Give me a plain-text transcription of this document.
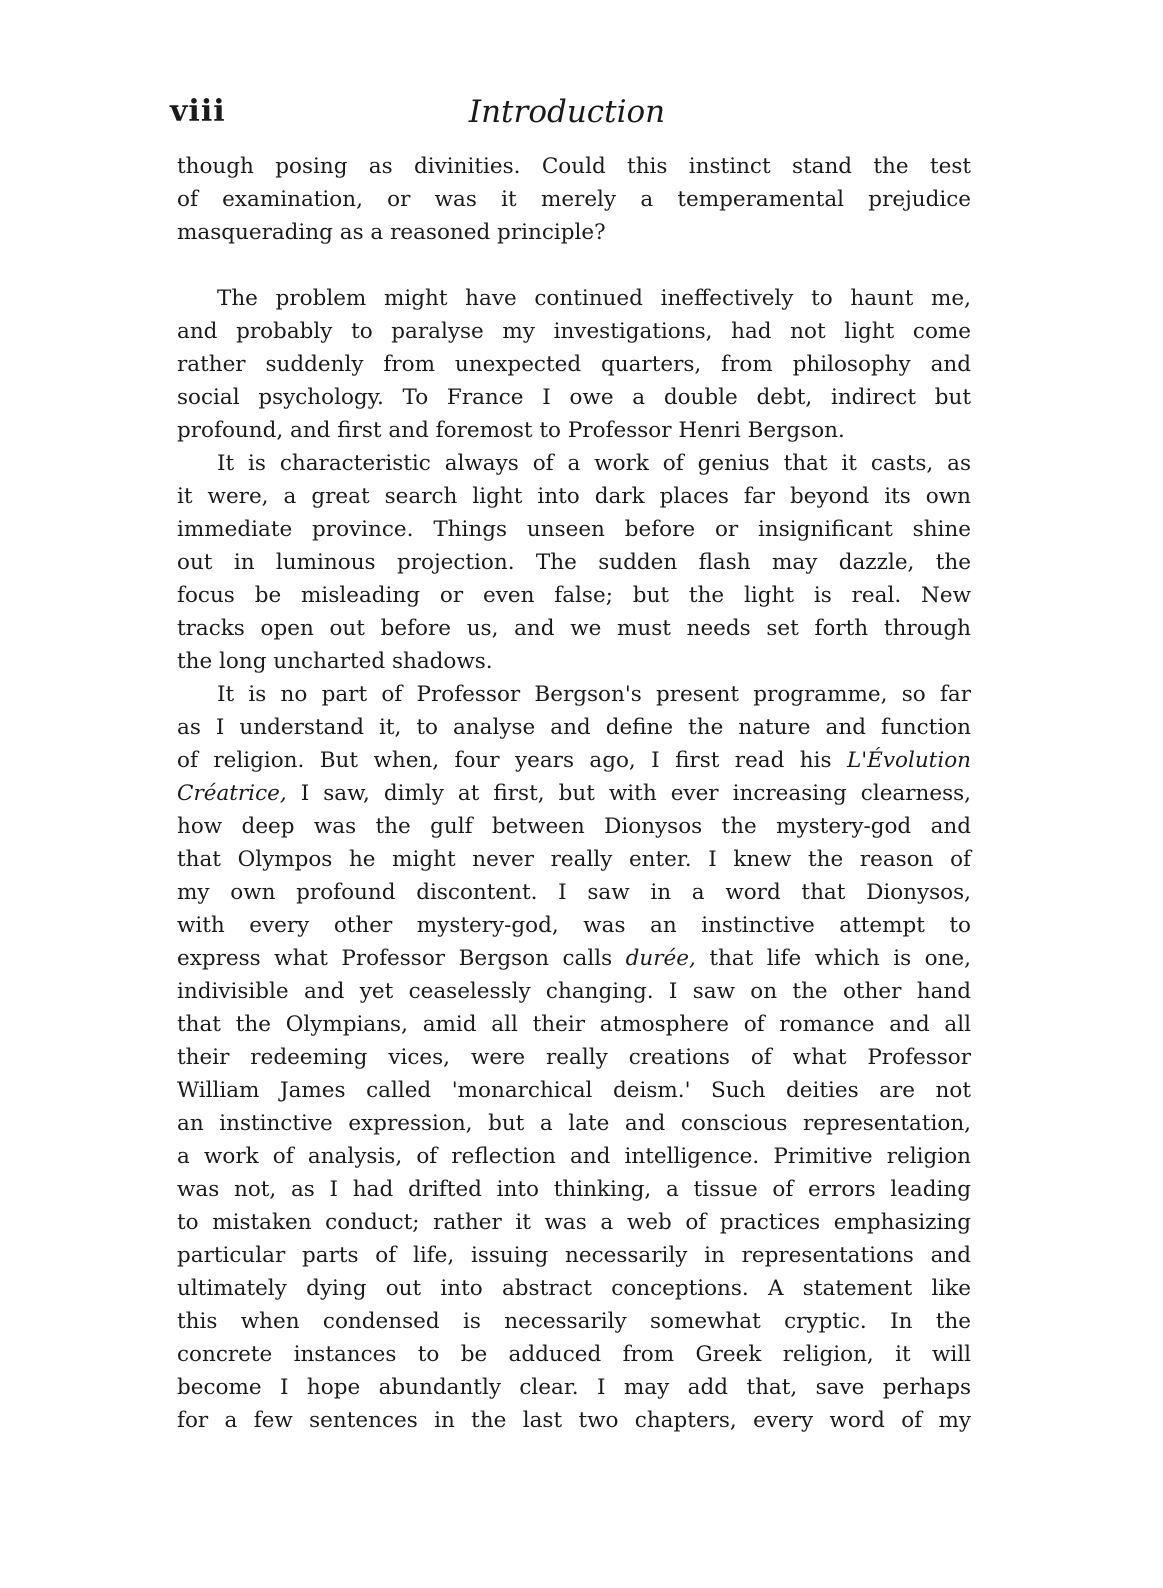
viii	Introduction
though posing as divinities. Could this instinct stand the test
of examination, or was it merely a temperamental prejudice
masquerading as a reasoned principle?
The problem might have continued ineffectively to haunt me,
and probably to paralyse my investigations, had not light come
rather suddenly from unexpected quarters, from philosophy and
social psychology. To France I owe a double debt, indirect but
profound, and first and foremost to Professor Henri Bergson.
It is characteristic always of a work of genius that it casts, as
it were, a great search light into dark places far beyond its own
immediate province. Things unseen before or insignificant shine
out in luminous projection. The sudden flash may dazzle, the
focus be misleading or even false; but the light is real. New
tracks open out before us, and we must needs set forth through
the long uncharted shadows.
It is no part of Professor Bergson's present programme, so far
as I understand it, to analyse and define the nature and function
of religion. But when, four years ago, I first read his L'Évolution
Créatrice, I saw, dimly at first, but with ever increasing clearness,
how deep was the gulf between Dionysos the mystery-god and
that Olympos he might never really enter. I knew the reason of
my own profound discontent. I saw in a word that Dionysos,
with every other mystery-god, was an instinctive attempt to
express what Professor Bergson calls durée, that life which is one,
indivisible and yet ceaselessly changing. I saw on the other hand
that the Olympians, amid all their atmosphere of romance and all
their redeeming vices, were really creations of what Professor
William James called 'monarchical deism.' Such deities are not
an instinctive expression, but a late and conscious representation,
a work of analysis, of reflection and intelligence. Primitive religion
was not, as I had drifted into thinking, a tissue of errors leading
to mistaken conduct; rather it was a web of practices emphasizing
particular parts of life, issuing necessarily in representations and
ultimately dying out into abstract conceptions. A statement like
this when condensed is necessarily somewhat cryptic. In the
concrete instances to be adduced from Greek religion, it will
become I hope abundantly clear. I may add that, save perhaps
for a few sentences in the last two chapters, every word of my
